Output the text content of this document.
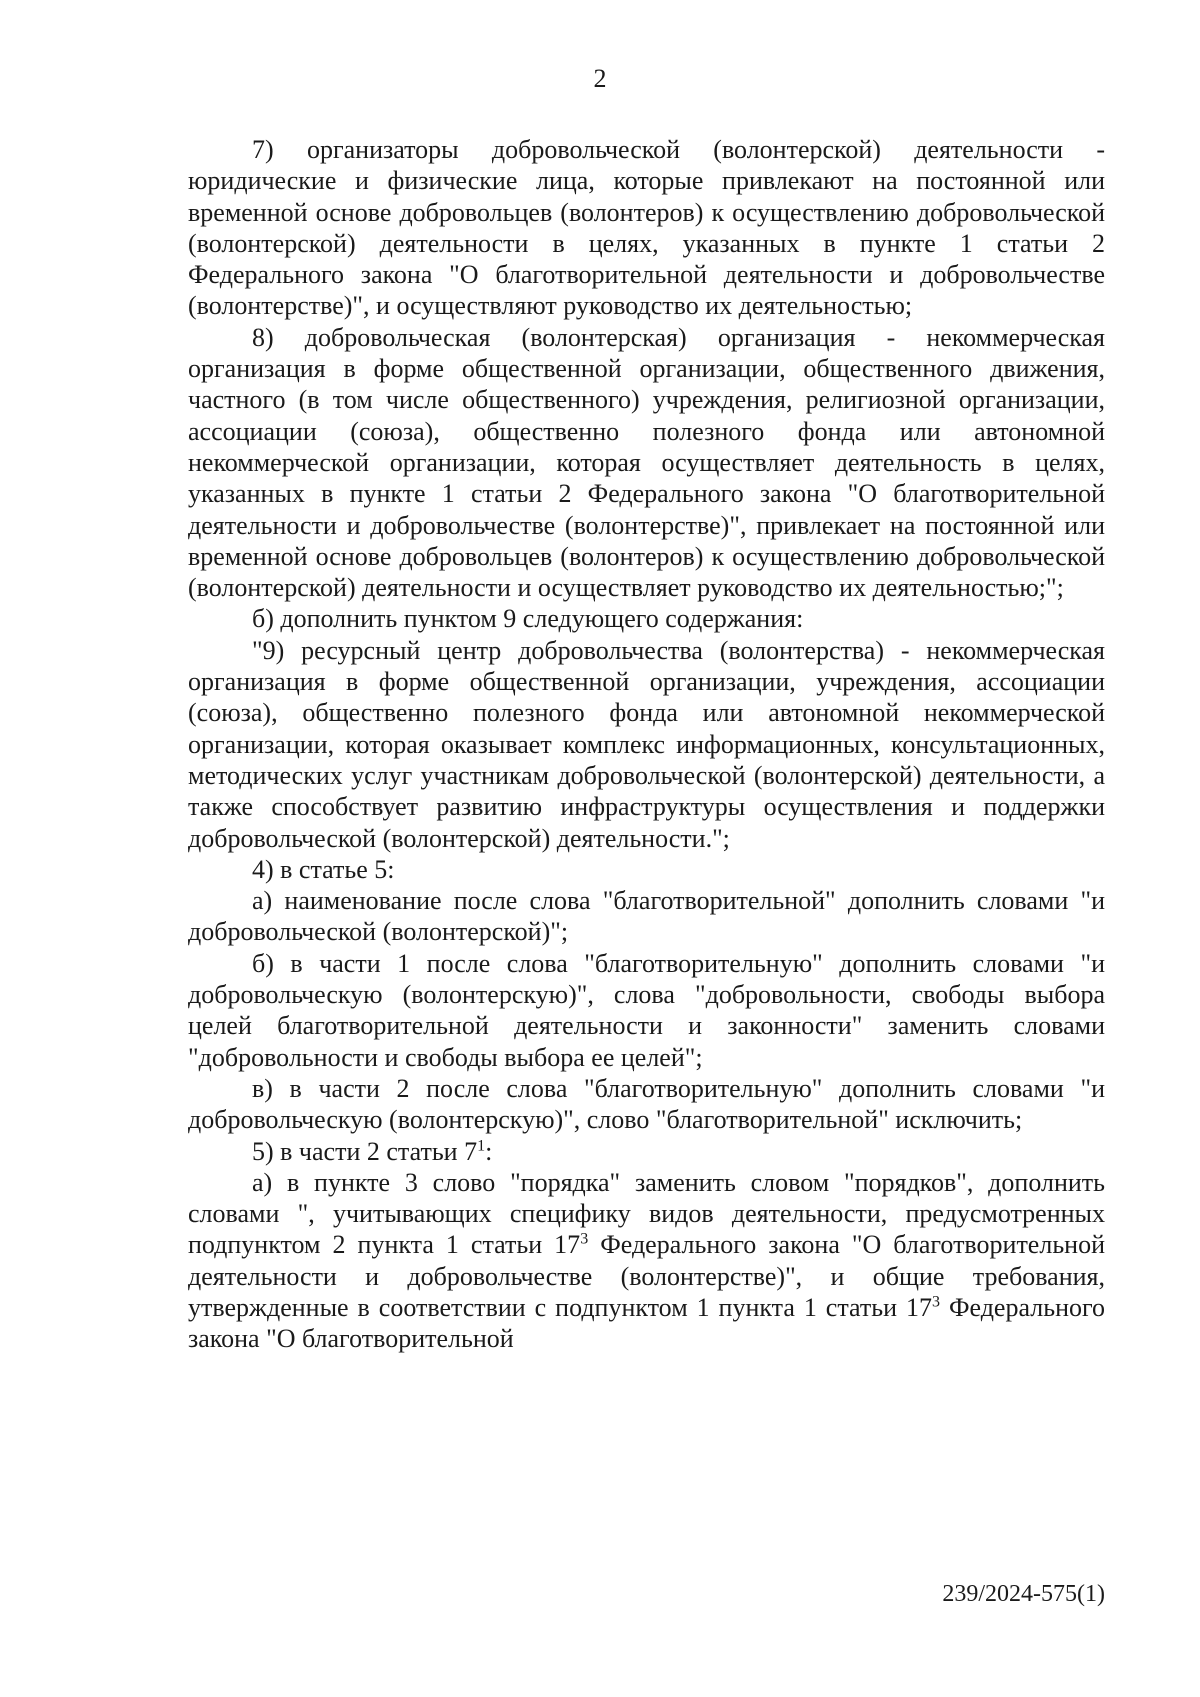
2

7) организаторы добровольческой (волонтерской) деятельности - юридические и физические лица, которые привлекают на постоянной или временной основе добровольцев (волонтеров) к осуществлению добровольческой (волонтерской) деятельности в целях, указанных в пункте 1 статьи 2 Федерального закона "О благотворительной деятельности и добровольчестве (волонтерстве)", и осуществляют руководство их деятельностью;

8) добровольческая (волонтерская) организация - некоммерческая организация в форме общественной организации, общественного движения, частного (в том числе общественного) учреждения, религиозной организации, ассоциации (союза), общественно полезного фонда или автономной некоммерческой организации, которая осуществляет деятельность в целях, указанных в пункте 1 статьи 2 Федерального закона "О благотворительной деятельности и добровольчестве (волонтерстве)", привлекает на постоянной или временной основе добровольцев (волонтеров) к осуществлению добровольческой (волонтерской) деятельности и осуществляет руководство их деятельностью;";

б) дополнить пунктом 9 следующего содержания:

"9) ресурсный центр добровольчества (волонтерства) - некоммерческая организация в форме общественной организации, учреждения, ассоциации (союза), общественно полезного фонда или автономной некоммерческой организации, которая оказывает комплекс информационных, консультационных, методических услуг участникам добровольческой (волонтерской) деятельности, а также способствует развитию инфраструктуры осуществления и поддержки добровольческой (волонтерской) деятельности.";

4) в статье 5:

а) наименование после слова "благотворительной" дополнить словами "и добровольческой (волонтерской)";

б) в части 1 после слова "благотворительную" дополнить словами "и добровольческую (волонтерскую)", слова "добровольности, свободы выбора целей благотворительной деятельности и законности" заменить словами "добровольности и свободы выбора ее целей";

в) в части 2 после слова "благотворительную" дополнить словами "и добровольческую (волонтерскую)", слово "благотворительной" исключить;

5) в части 2 статьи $7^1$:

а) в пункте 3 слово "порядка" заменить словом "порядков", дополнить словами ", учитывающих специфику видов деятельности, предусмотренных подпунктом 2 пункта 1 статьи $17^3$ Федерального закона "О благотворительной деятельности и добровольчестве (волонтерстве)", и общие требования, утвержденные в соответствии с подпунктом 1 пункта 1 статьи $17^3$ Федерального закона "О благотворительной

239/2024-575(1)
